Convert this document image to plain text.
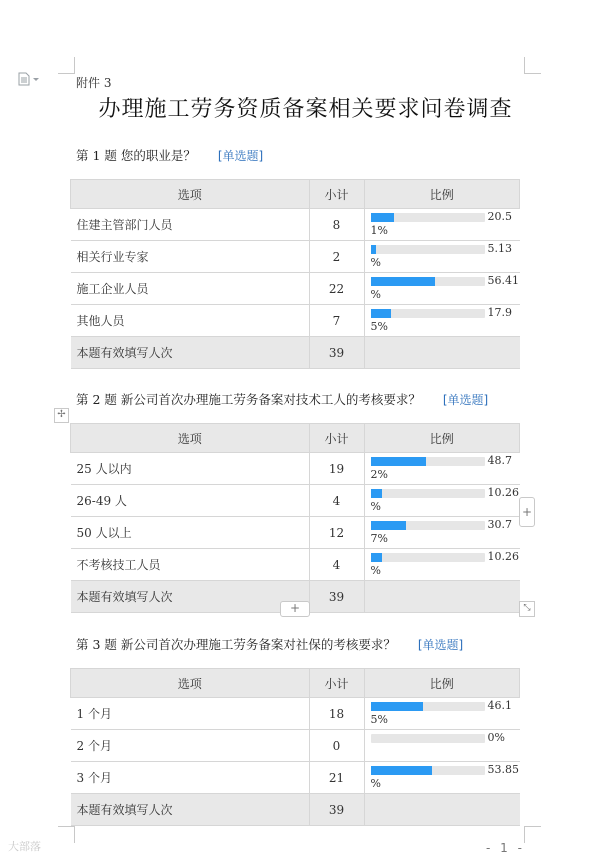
附件 3
办理施工劳务资质备案相关要求问卷调查
第 1 题 您的职业是？ [单选题]
选项	小计	比例
住建主管部门人员	8	20.5
1%

相关行业专家	2	5.13
%

施工企业人员	22	56.41
%

其他人员	7	17.9
5%

本题有效填写人次	39	
第 2 题 新公司首次办理施工劳务备案对技术工人的考核要求？ [单选题]
选项	小计	比例
25 人以内	19	48.7
2%

26-49 人	4	10.26
%

50 人以上	12	30.7
7%

不考核技工人员	4	10.26
%

本题有效填写人次	39	
第 3 题 新公司首次办理施工劳务备案对社保的考核要求？ [单选题]
选项	小计	比例
1 个月	18	46.1
5%

2 个月	0	0%

3 个月	21	53.85
%

本题有效填写人次	39	
✢
+
+	⤡
大部落	- 1 -
